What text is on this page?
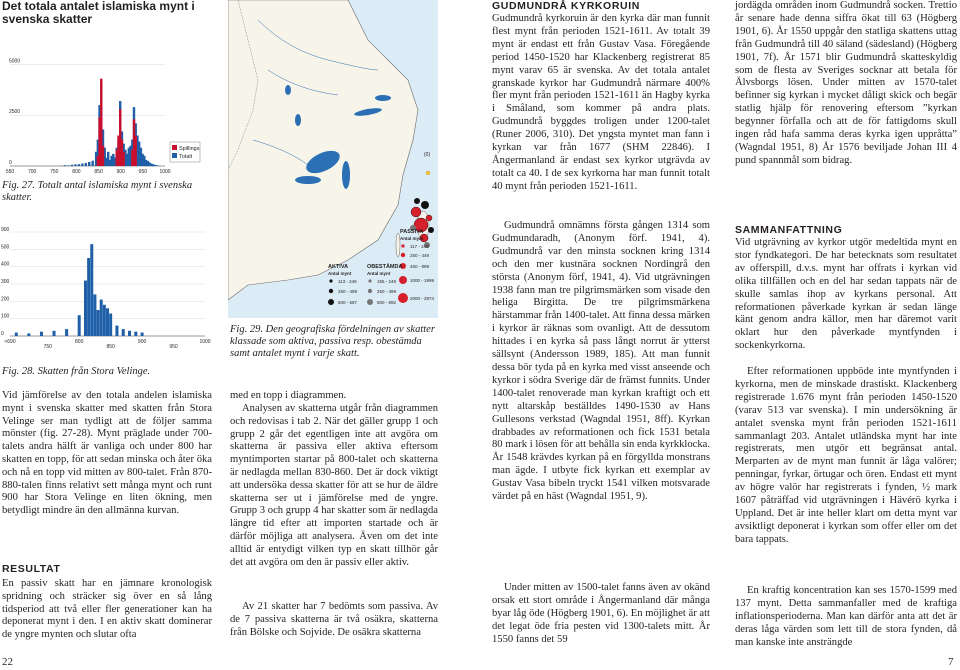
Det totala antalet islamiska mynt i svenska skatter
0
2500
5000
550	700	750	800	850	900	950 1000
Spillings
Totalt
Fig. 27. Totalt antal islamiska mynt i svenska skatter.
0
100
200
300
400
500
900
<690
750
800
850
900
950
1000
Fig. 28. Skatten från Stora Velinge.
Vid jämförelse av den totala andelen islamiska mynt i svenska skatter med skatten från Stora Velinge ser man tydligt att de följer samma mönster (fig. 27-28). Mynt präglade under 700-talets andra hälft är vanliga och under 800 har skatten en topp, för att sedan minska och åter öka och nå en topp vid mitten av 800-talet. Från 870-880-talen finns relativt sett många mynt och runt 900 har Stora Velinge en liten ökning, men betydligt mindre än den allmänna kurvan.
RESULTAT
En passiv skatt har en jämnare kronologisk spridning och sträcker sig över en så lång tidsperiod att två eller fler generationer kan ha deponerat mynt i den. I en aktiv skatt dominerar de yngre mynten och slutar ofta
22
(0)
PASSIVA
Antal mynt
117 - 249
250 - 449
450 - 999
1000 - 1999
2000 - 2874
AKTIVA
Antal mynt
113 - 249
250 - 499
500 - 587
OBESTÄMDA
Antal mynt
155 - 249
250 - 499
500 - 892
Fig. 29. Den geografiska fördelningen av skatter klassade som aktiva, passiva resp. obestämda samt antalet mynt i varje skatt.
med en topp i diagrammen.
Analysen av skatterna utgår från diagrammen och redovisas i tab 2. När det gäller grupp 1 och grupp 2 går det egentligen inte att avgöra om skatterna är passiva eller aktiva eftersom myntimporten startar på 800-talet och skatterna är nedlagda mellan 830-860. Det är dock viktigt att undersöka dessa skatter för att se hur de äldre skatterna ser ut i jämförelse med de yngre. Grupp 3 och grupp 4 har skatter som är nedlagda längre tid efter att importen startade och är därför möjliga att analysera. Även om det inte alltid är entydigt vilken typ en skatt tillhör går det att avgöra om den är passiv eller aktiv.
Av 21 skatter har 7 bedömts som passiva. Av de 7 passiva skatterna är två osäkra, skatterna från Bölske och Sojvide. De osäkra skatterna
GUDMUNDRÅ KYRKORUIN
Gudmundrå kyrkoruin är den kyrka där man funnit flest mynt från perioden 1521-1611. Av totalt 39 mynt är endast ett från Gustav Vasa. Föregående period 1450-1520 har Klackenberg registrerat 85 mynt varav 65 är svenska. Av det totala antalet granskade kyrkor har Gudmundrå närmare 400% fler mynt från perioden 1521-1611 än Hagby kyrka i Småland, som kommer på andra plats. Gudmundrå byggdes troligen under 1200-talet (Runer 2006, 310). Det yngsta myntet man fann i kyrkan var från 1677 (SHM 22846). I Ångermanland är endast sex kyrkor utgrävda av totalt ca 40. I de sex kyrkorna har man funnit totalt 40 mynt från perioden 1521-1611.
Gudmundrå omnämns första gången 1314 som Gudmundaradh, (Anonym förf. 1941, 4). Gudmundrå var den minsta socknen kring 1314 och den mer kustnära socknen Nordingrå den största (Anonym förf, 1941, 4). Vid utgrävningen 1938 fann man tre pilgrimsmärken som visade den heliga Birgitta. De tre pilgrimsmärkena härstammar från 1400-talet. Att finna dessa märken i kyrkor är räknas som ovanligt. Att de dessutom hittades i en kyrka så pass långt norrut är ytterst sällsynt (Andersson 1989, 185). Att man funnit dessa bör tyda på en kyrka med visst anseende och kyrkor i södra Sverige där de främst funnits. Under 1400-talet renoverade man kyrkan kraftigt och ett nytt altarskåp beställdes 1490-1530 av Hans Gullesons verkstad (Wagndal 1951, 8ff). Kyrkan drabbades av reformationen och fick 1531 betala 80 mark i lösen för att behålla sin enda kyrkklocka. År 1548 krävdes kyrkan på en förgyllda monstrans man ägde. I utbyte fick kyrkan ett exemplar av Gustav Vasa bibeln tryckt 1541 vilken motsvarade värdet på en häst (Wagndal 1951, 9).
Under mitten av 1500-talet fanns även av okänd orsak ett stort område i Ångermanland där många byar låg öde (Högberg 1901, 6). En möjlighet är att det legat öde fria pesten vid 1300-talets mitt. År 1550 fanns det 59
jordägda områden inom Gudmundrå socken. Trettio år senare hade denna siffra ökat till 63 (Högberg 1901, 6). År 1550 uppgår den statliga skattens uttag från Gudmundrå till 40 säland (sädesland) (Högberg 1901, 7f). År 1571 blir Gudmundrå skatteskyldig som de flesta av Sveriges socknar att betala för Älvsborgs lösen. Under mitten av 1570-talet befinner sig kyrkan i mycket dåligt skick och begär statlig hjälp för renovering eftersom ”kyrkan begynner förfalla och att de för fattigdoms skull ingen råd hafa samma deras kyrka igen uppråtta” (Wagndal 1951, 8) År 1576 beviljade Johan III 4 pund spannmål som bidrag.
SAMMANFATTNING
Vid utgrävning av kyrkor utgör medeltida mynt en stor fyndkategori. De har betecknats som resultatet av offerspill, d.v.s. mynt har offrats i kyrkan vid olika tillfällen och en del har sedan tappats när de skulle samlas ihop av kyrkans personal. Att reformationen påverkade kyrkan är sedan länge känt genom andra källor, men har däremot varit oklart hur den påverkade myntfynden i sockenkyrkorna.
Efter reformationen uppböde inte myntfynden i kyrkorna, men de minskade drastiskt. Klackenberg registrerade 1.676 mynt från perioden 1450-1520 (varav 513 var svenska). I min undersökning är antalet svenska mynt från perioden 1521-1611 sammanlagt 203. Antalet utländska mynt har inte registrerats, men utgör ett begränsat antal. Merparten av de mynt man funnit är låga valörer; penningar, fyrkar, örtugar och ören. Endast ett mynt av högre valör har registrerats i fynden, ½ mark 1607 påträffad vid utgrävningen i Hävérö kyrka i Uppland. Det är inte heller klart om detta mynt var avsiktligt deponerat i kyrkan som offer eller om det bara tappats.
En kraftig koncentration kan ses 1570-1599 med 137 mynt. Detta sammanfaller med de kraftiga inflationsperioderna. Man kan därför anta att det är deras låga värden som lett till de stora fynden, då man kanske inte ansträngde
7
